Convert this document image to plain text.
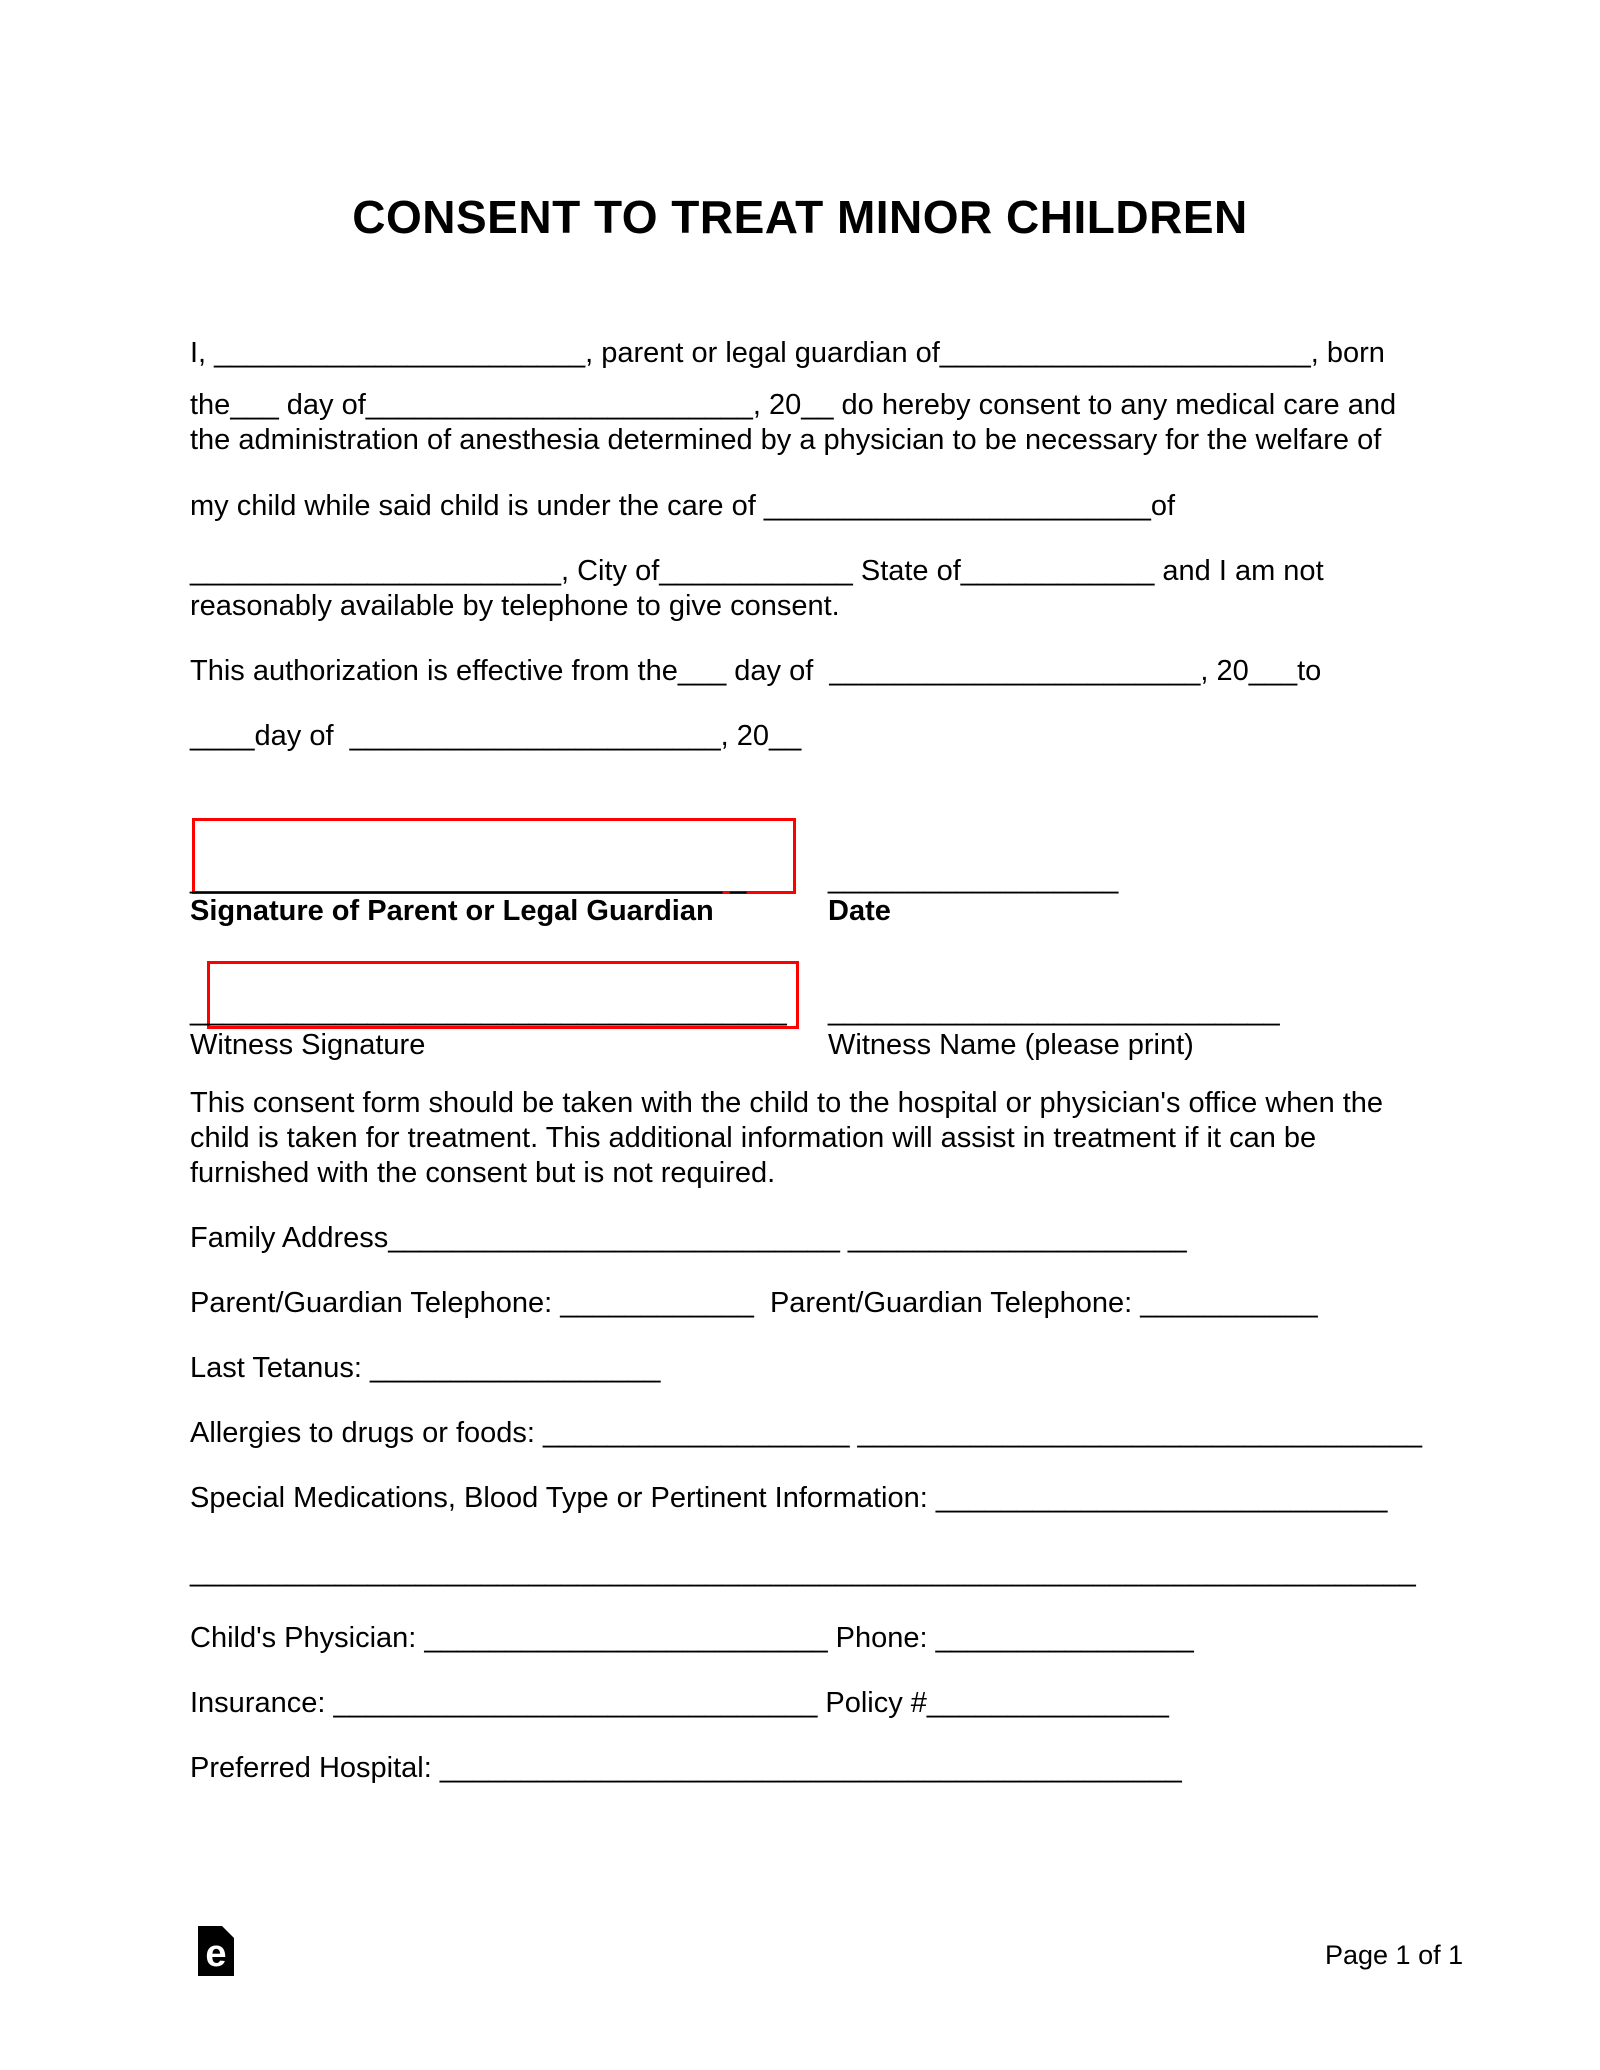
CONSENT TO TREAT MINOR CHILDREN
I, _______________________, parent or legal guardian of_______________________, born
the___ day of________________________, 20__ do hereby consent to any medical care and
the administration of anesthesia determined by a physician to be necessary for the welfare of
my child while said child is under the care of ________________________of
_______________________, City of____________ State of____________ and I am not
reasonably available by telephone to give consent.
This authorization is effective from the___ day of  _______________________, 20___to
____day of  _______________________, 20__
_________________________________ _	__________________
Signature of Parent or Legal Guardian	Date
_____________________________________ ____________________________
Witness Signature	Witness Name (please print)
This consent form should be taken with the child to the hospital or physician's office when the
child is taken for treatment. This additional information will assist in treatment if it can be
furnished with the consent but is not required.
Family Address____________________________ _____________________
Parent/Guardian Telephone: ____________  Parent/Guardian Telephone: ___________
Last Tetanus: __________________
Allergies to drugs or foods: ___________________ ___________________________________
Special Medications, Blood Type or Pertinent Information: ____________________________
____________________________________________________________________________
Child's Physician: _________________________ Phone: ________________
Insurance: ______________________________ Policy #_______________
Preferred Hospital: ______________________________________________
e	Page 1 of 1
